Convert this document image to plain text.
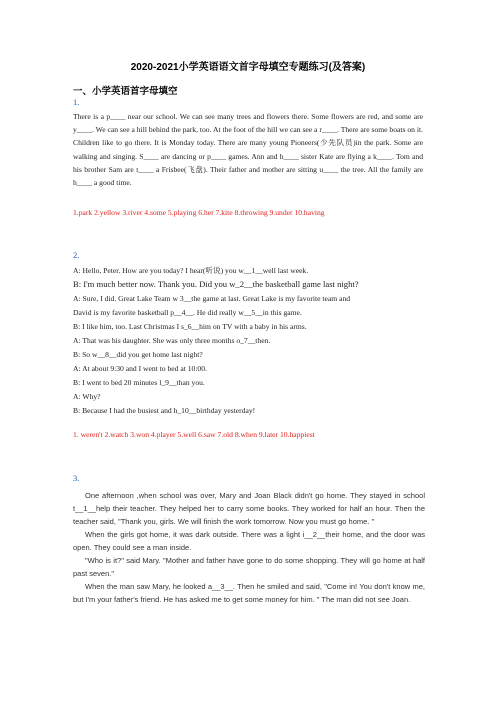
2020-2021小学英语语文首字母填空专题练习(及答案)
一、小学英语首字母填空
1.
There is a p____ near our school. We can see many trees and flowers there. Some flowers are red, and some are y____. We can see a hill behind the park, too. At the foot of the hill we can see a r____. There are some boats on it. Children like to go there. It is Monday today. There are many young Pioneers(少先队员)in the park. Some are walking and singing. S____ are dancing or p____ games. Ann and h____ sister Kate are flying a k____. Tom and his brother Sam are t____ a Frisbee(飞盘). Their father and mother are sitting u____ the tree. All the family are h____ a good time.
1.park 2.yellow 3.river 4.some 5.playing 6.her 7.kite 8.throwing 9.under 10.having
2.
A: Hello, Peter. How are you today? I hear(听说) you w__1__well last week.
B: I'm much better now. Thank you. Did you w_2__the basketball game last night?
A: Sure, I did. Great Lake Team w 3__the game at last. Great Lake is my favorite team and
David is my favorite basketball p__4__. He did really w__5__in this game.
B: I like him, too. Last Christmas I s_6__him on TV with a baby in his arms.
A: That was his daughter. She was only three months o_7__then.
B: So w__8__did you get home last night?
A: At about 9:30 and I went to bed at 10:00.
B: I went to bed 20 minutes l_9__than you.
A: Why?
B: Because I had the busiest and h_10__birthday yesterday!
1. weren't 2.watch 3.won 4.player 5.well 6.saw 7.old 8.when 9.later 10.happiest
3.

One afternoon ,when school was over, Mary and Joan Black didn't go home. They stayed in school t__1__help their teacher. They helped her to carry some books. They worked for half an hour. Then the teacher said, "Thank you, girls. We will finish the work tomorrow. Now you must go home. "

When the girls got home, it was dark outside. There was a light i__2__their home, and the door was open. They could see a man inside.

"Who is it?" said Mary. "Mother and father have gone to do some shopping. They will go home at half past seven."

When the man saw Mary, he looked a__3__. Then he smiled and said, "Come in! You don't know me, but I'm your father's friend. He has asked me to get some money for him. " The man did not see Joan.
